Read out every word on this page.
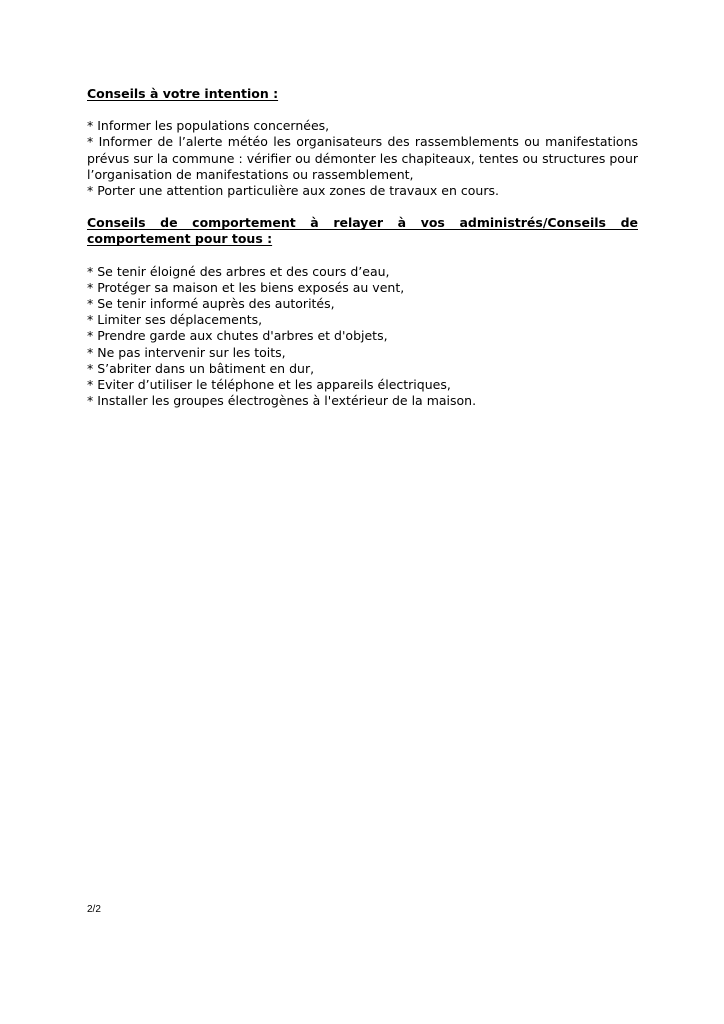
Conseils à votre intention :

* Informer les populations concernées,
* Informer de l’alerte météo les organisateurs des rassemblements ou manifestations prévus sur la commune : vérifier ou démonter les chapiteaux, tentes ou structures pour l’organisation de manifestations ou rassemblement,
* Porter une attention particulière aux zones de travaux en cours.

Conseils de comportement à relayer à vos administrés/Conseils de comportement pour tous :

* Se tenir éloigné des arbres et des cours d’eau,
* Protéger sa maison et les biens exposés au vent,
* Se tenir informé auprès des autorités,
* Limiter ses déplacements,
* Prendre garde aux chutes d'arbres et d'objets,
* Ne pas intervenir sur les toits,
* S’abriter dans un bâtiment en dur,
* Eviter d’utiliser le téléphone et les appareils électriques,
* Installer les groupes électrogènes à l'extérieur de la maison.
2/2
